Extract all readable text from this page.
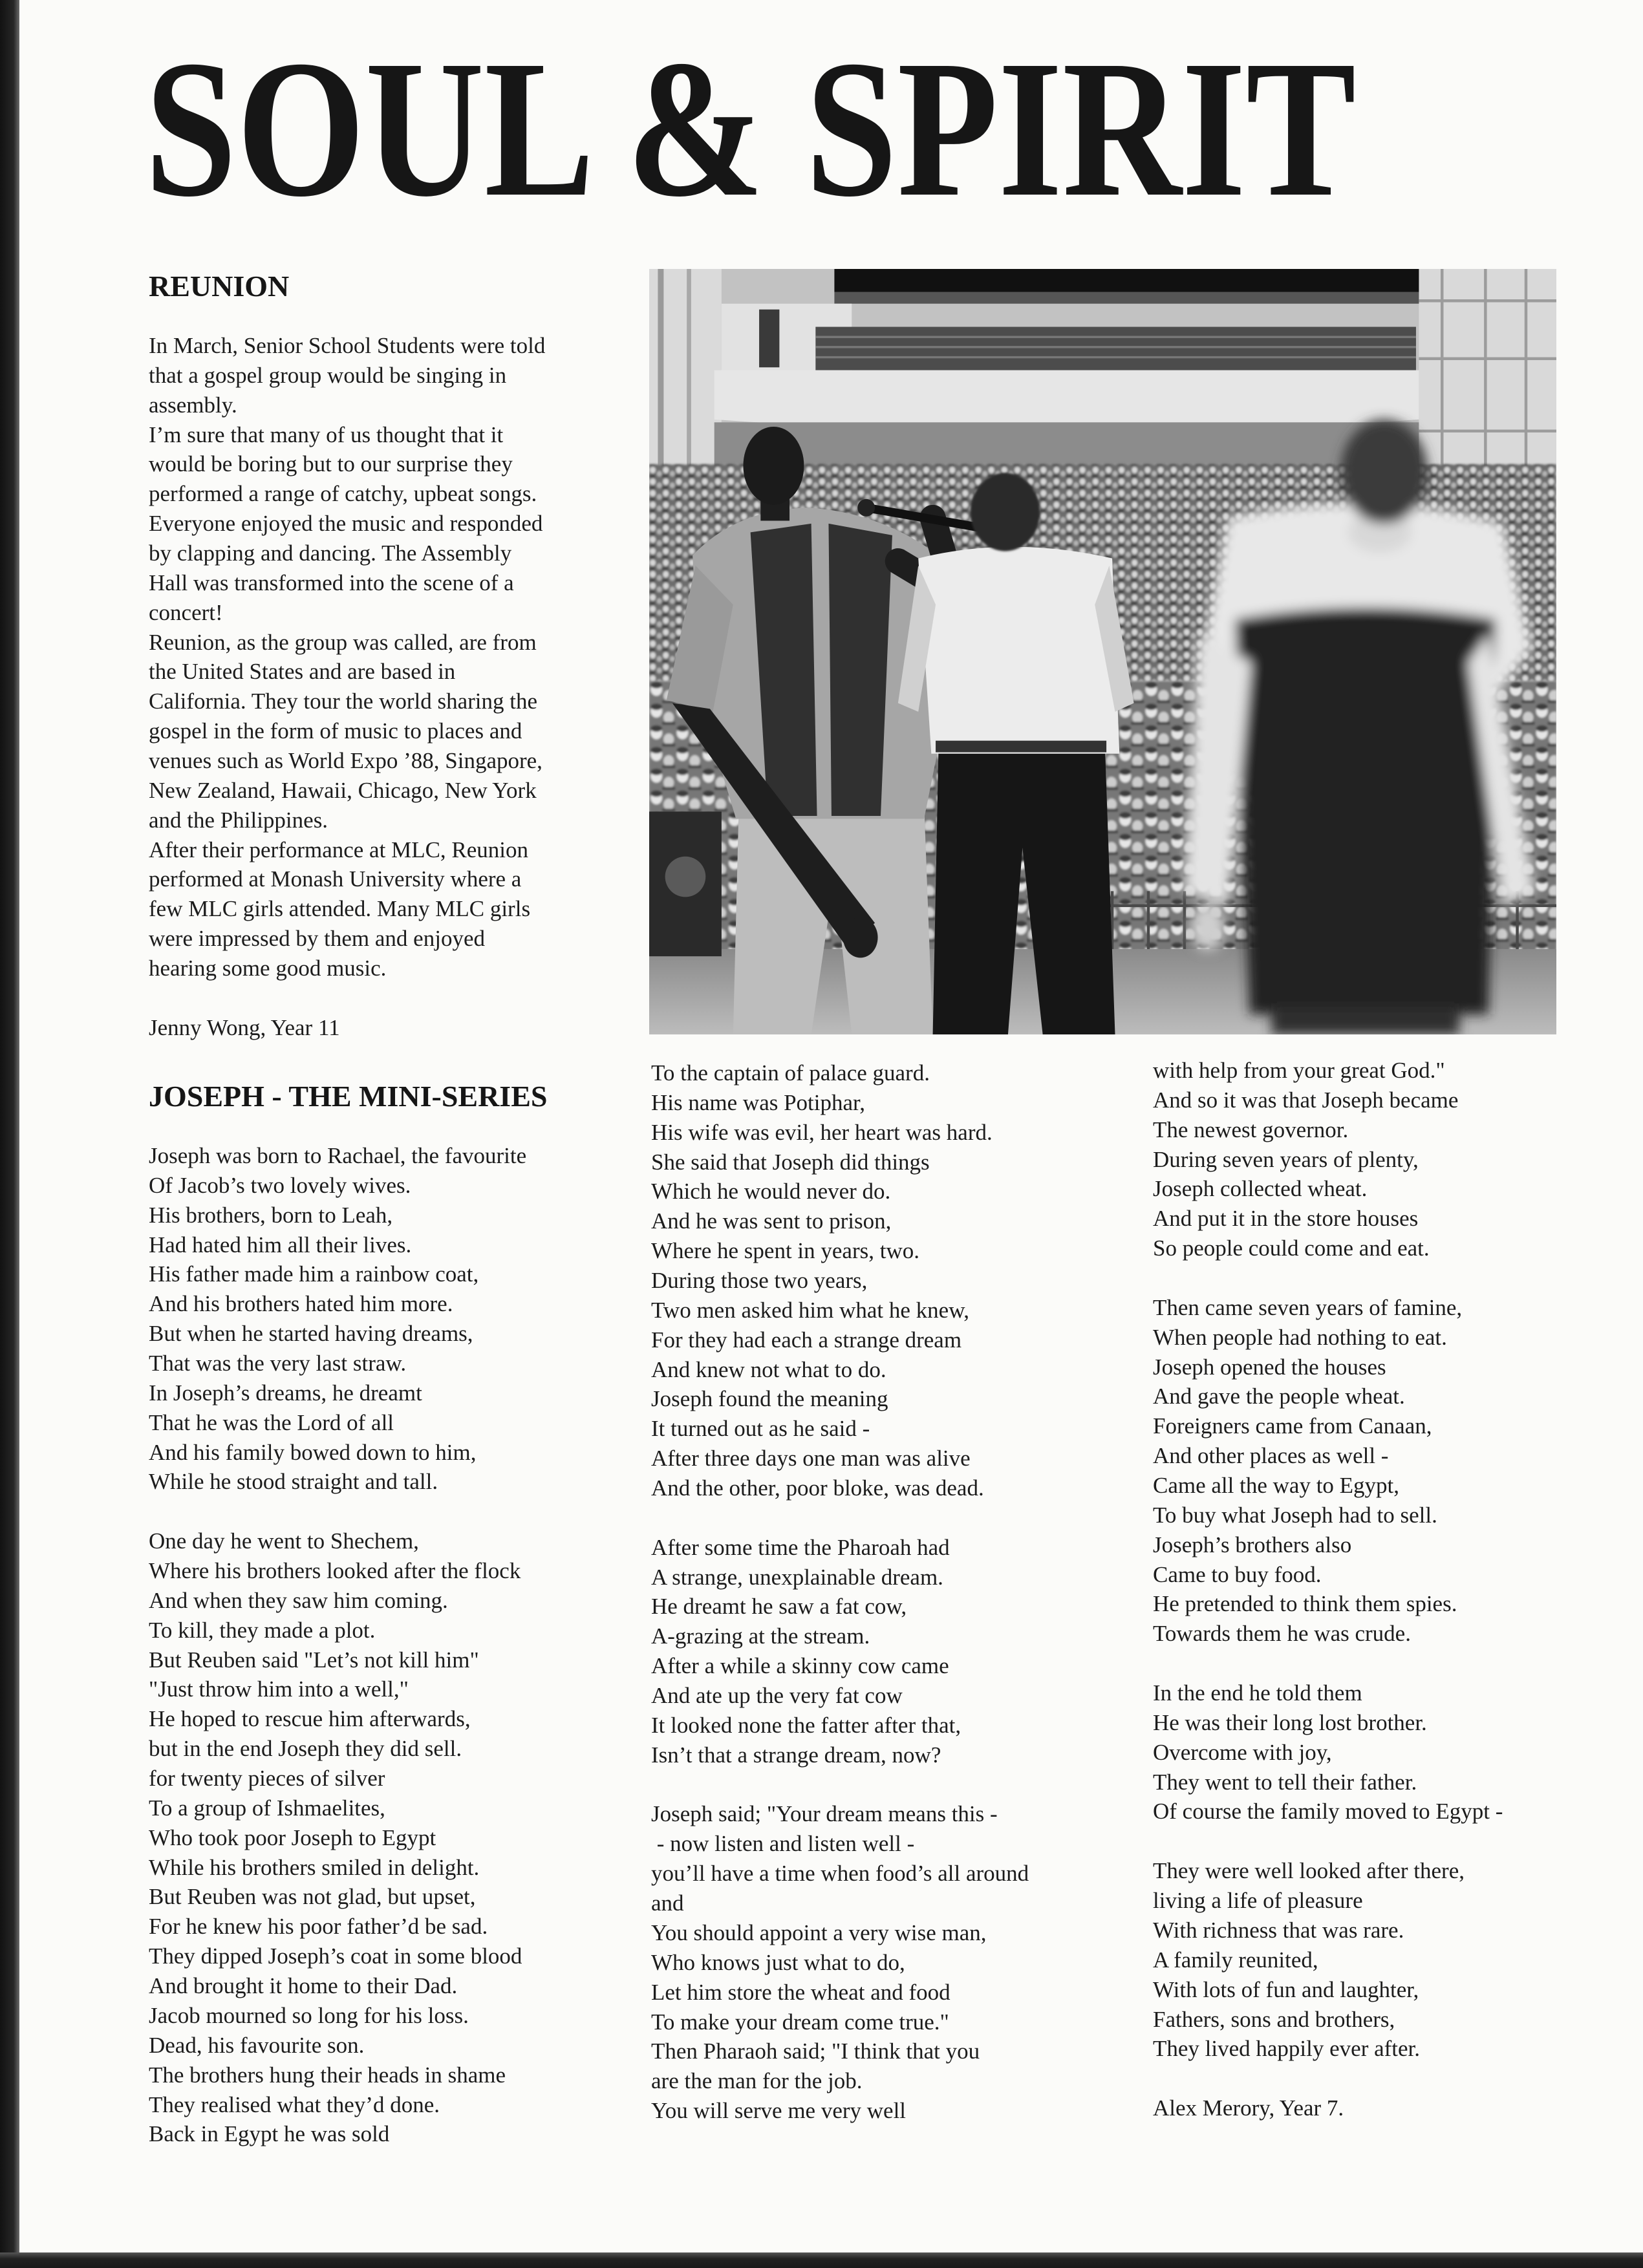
SOUL & SPIRIT
REUNION
In March, Senior School Students were told
that a gospel group would be singing in
assembly.
I’m sure that many of us thought that it
would be boring but to our surprise they
performed a range of catchy, upbeat songs.
Everyone enjoyed the music and responded
by clapping and dancing. The Assembly
Hall was transformed into the scene of a
concert!
Reunion, as the group was called, are from
the United States and are based in
California. They tour the world sharing the
gospel in the form of music to places and
venues such as World Expo ’88, Singapore,
New Zealand, Hawaii, Chicago, New York
and the Philippines.
After their performance at MLC, Reunion
performed at Monash University where a
few MLC girls attended. Many MLC girls
were impressed by them and enjoyed
hearing some good music.
Jenny Wong, Year 11
JOSEPH - THE MINI-SERIES
Joseph was born to Rachael, the favourite
Of Jacob’s two lovely wives.
His brothers, born to Leah,
Had hated him all their lives.
His father made him a rainbow coat,
And his brothers hated him more.
But when he started having dreams,
That was the very last straw.
In Joseph’s dreams, he dreamt
That he was the Lord of all
And his family bowed down to him,
While he stood straight and tall.
One day he went to Shechem,
Where his brothers looked after the flock
And when they saw him coming.
To kill, they made a plot.
But Reuben said "Let’s not kill him"
"Just throw him into a well,"
He hoped to rescue him afterwards,
but in the end Joseph they did sell.
for twenty pieces of silver
To a group of Ishmaelites,
Who took poor Joseph to Egypt
While his brothers smiled in delight.
But Reuben was not glad, but upset,
For he knew his poor father’d be sad.
They dipped Joseph’s coat in some blood
And brought it home to their Dad.
Jacob mourned so long for his loss.
Dead, his favourite son.
The brothers hung their heads in shame
They realised what they’d done.
Back in Egypt he was sold
To the captain of palace guard.
His name was Potiphar,
His wife was evil, her heart was hard.
She said that Joseph did things
Which he would never do.
And he was sent to prison,
Where he spent in years, two.
During those two years,
Two men asked him what he knew,
For they had each a strange dream
And knew not what to do.
Joseph found the meaning
It turned out as he said -
After three days one man was alive
And the other, poor bloke, was dead.
After some time the Pharoah had
A strange, unexplainable dream.
He dreamt he saw a fat cow,
A-grazing at the stream.
After a while a skinny cow came
And ate up the very fat cow
It looked none the fatter after that,
Isn’t that a strange dream, now?
Joseph said; "Your dream means this -
- now listen and listen well -
you’ll have a time when food’s all around
and
You should appoint a very wise man,
Who knows just what to do,
Let him store the wheat and food
To make your dream come true."
Then Pharaoh said; "I think that you
are the man for the job.
You will serve me very well
with help from your great God."
And so it was that Joseph became
The newest governor.
During seven years of plenty,
Joseph collected wheat.
And put it in the store houses
So people could come and eat.
Then came seven years of famine,
When people had nothing to eat.
Joseph opened the houses
And gave the people wheat.
Foreigners came from Canaan,
And other places as well -
Came all the way to Egypt,
To buy what Joseph had to sell.
Joseph’s brothers also
Came to buy food.
He pretended to think them spies.
Towards them he was crude.
In the end he told them
He was their long lost brother.
Overcome with joy,
They went to tell their father.
Of course the family moved to Egypt -
They were well looked after there,
living a life of pleasure
With richness that was rare.
A family reunited,
With lots of fun and laughter,
Fathers, sons and brothers,
They lived happily ever after.
Alex Merory, Year 7.
